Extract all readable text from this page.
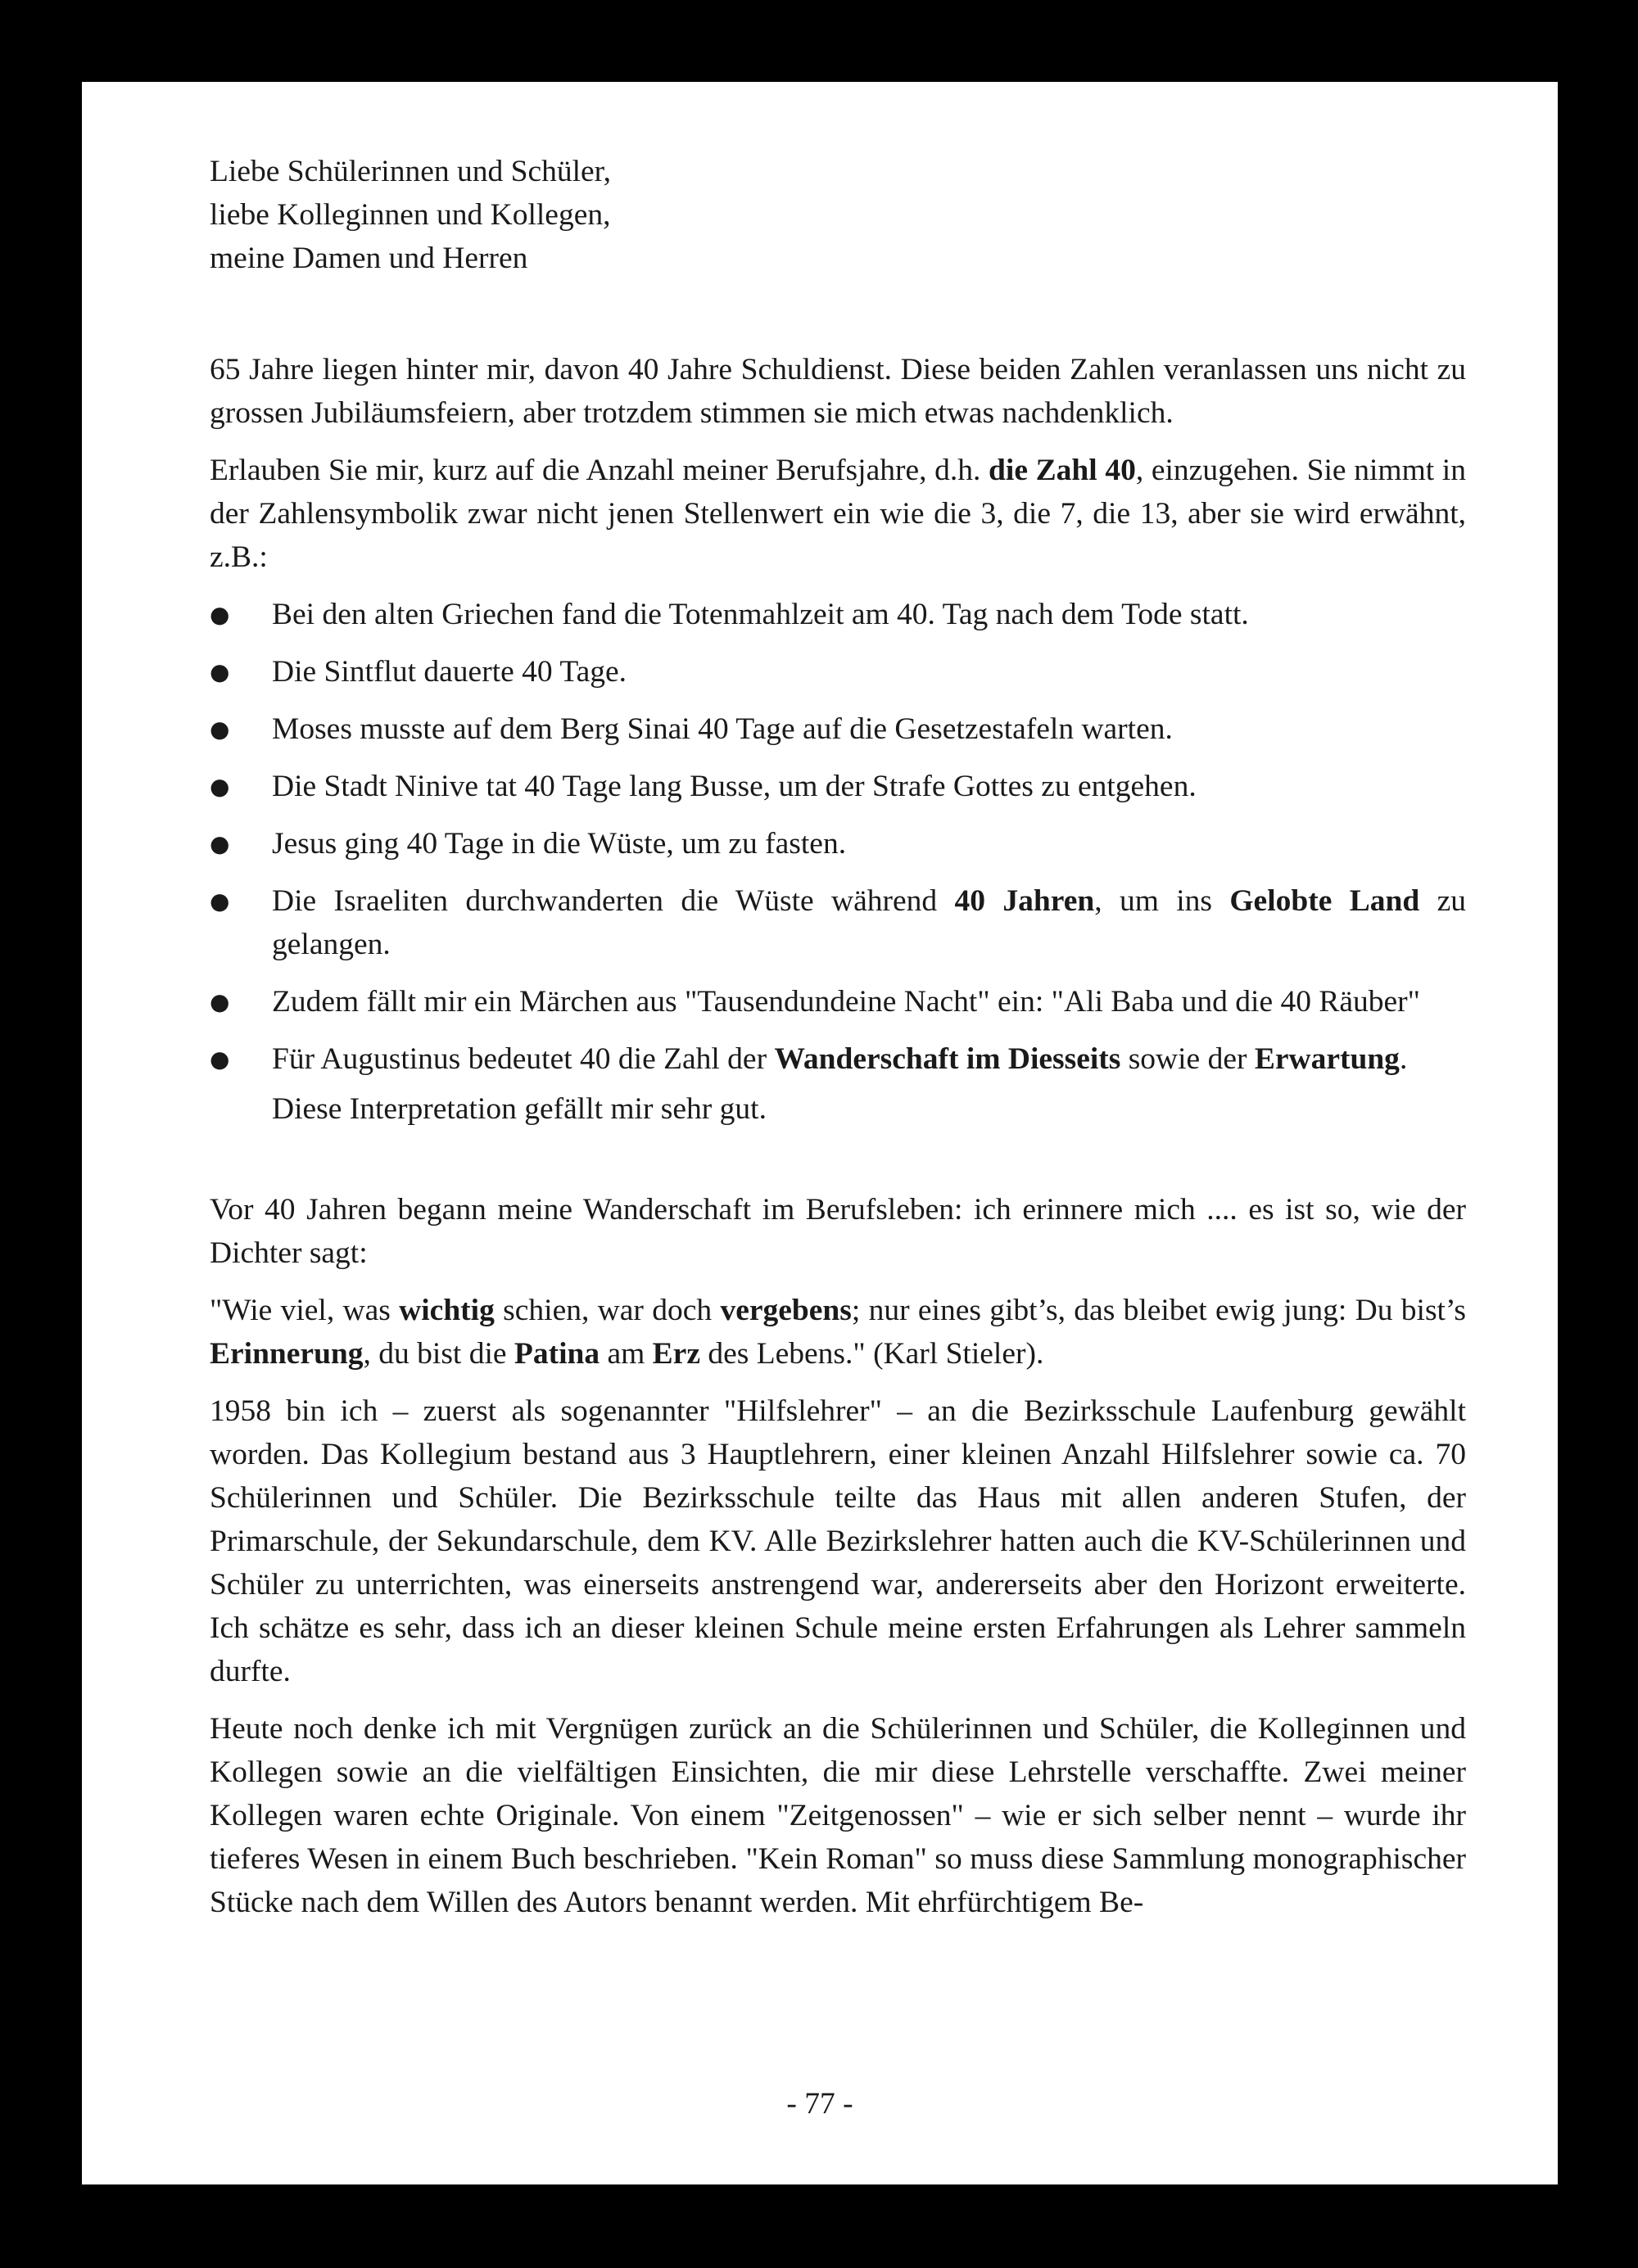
Liebe Schülerinnen und Schüler,
liebe Kolleginnen und Kollegen,
meine Damen und Herren

65 Jahre liegen hinter mir, davon 40 Jahre Schuldienst. Diese beiden Zahlen veranlassen uns nicht zu grossen Jubiläumsfeiern, aber trotzdem stimmen sie mich etwas nachdenklich.

Erlauben Sie mir, kurz auf die Anzahl meiner Berufsjahre, d.h. die Zahl 40, einzugehen. Sie nimmt in der Zahlensymbolik zwar nicht jenen Stellenwert ein wie die 3, die 7, die 13, aber sie wird erwähnt, z.B.:

● Bei den alten Griechen fand die Totenmahlzeit am 40. Tag nach dem Tode statt.
● Die Sintflut dauerte 40 Tage.
● Moses musste auf dem Berg Sinai 40 Tage auf die Gesetzestafeln warten.
● Die Stadt Ninive tat 40 Tage lang Busse, um der Strafe Gottes zu entgehen.
● Jesus ging 40 Tage in die Wüste, um zu fasten.
● Die Israeliten durchwanderten die Wüste während 40 Jahren, um ins Gelobte Land zu gelangen.
● Zudem fällt mir ein Märchen aus "Tausendundeine Nacht" ein: "Ali Baba und die 40 Räuber"
● Für Augustinus bedeutet 40 die Zahl der Wanderschaft im Diesseits sowie der Erwartung.

Diese Interpretation gefällt mir sehr gut.

Vor 40 Jahren begann meine Wanderschaft im Berufsleben: ich erinnere mich .... es ist so, wie der Dichter sagt:

"Wie viel, was wichtig schien, war doch vergebens; nur eines gibt’s, das bleibet ewig jung: Du bist’s Erinnerung, du bist die Patina am Erz des Lebens." (Karl Stieler).

1958 bin ich – zuerst als sogenannter "Hilfslehrer" – an die Bezirksschule Laufenburg gewählt worden. Das Kollegium bestand aus 3 Hauptlehrern, einer kleinen Anzahl Hilfslehrer sowie ca. 70 Schülerinnen und Schüler. Die Bezirksschule teilte das Haus mit allen anderen Stufen, der Primarschule, der Sekundarschule, dem KV. Alle Bezirkslehrer hatten auch die KV-Schülerinnen und Schüler zu unterrichten, was einerseits anstrengend war, andererseits aber den Horizont erweiterte. Ich schätze es sehr, dass ich an dieser kleinen Schule meine ersten Erfahrungen als Lehrer sammeln durfte.

Heute noch denke ich mit Vergnügen zurück an die Schülerinnen und Schüler, die Kolleginnen und Kollegen sowie an die vielfältigen Einsichten, die mir diese Lehrstelle verschaffte. Zwei meiner Kollegen waren echte Originale. Von einem "Zeitgenossen" – wie er sich selber nennt – wurde ihr tieferes Wesen in einem Buch beschrieben. "Kein Roman" so muss diese Sammlung monographischer Stücke nach dem Willen des Autors benannt werden. Mit ehrfürchtigem Be-

- 77 -
